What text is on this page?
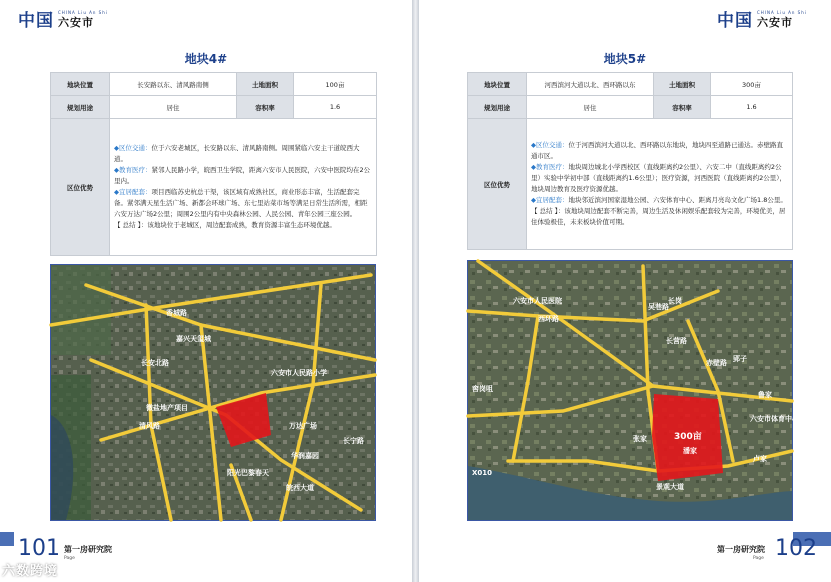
中国 CHINA Liu An Shi
六安市
地块4#
地块位置	长安路以东、清风路南侧	土地面积	100亩
规划用途	居住	容积率	1.6
区位优势	◆区位交通：位于六安老城区，长安路以东、清风路南侧。周围紧临六安主干道皖西大道。

◆教育医疗：紧邻人民路小学，皖西卫生学院，距离六安市人民医院，六安中医院均在2公里内。

◆宜居配套：项目西临苏史杭总干渠，该区域有成熟社区，商业形态丰富，生活配套完备。紧邻满天星生活广场、新都会环球广场、东七里站菜市场等满足日常生活所需，相距六安万达广场2公里；周围2公里内有中央森林公园、人民公园、青年公园三座公园。

【 总结 】：该地块位于老城区，周边配套成熟，教育资源丰富生态环境优越。		

香城路
嘉兴天玺城
长安北路
微盐地产项目
清风路
六安市人民路小学
万达广场
华润嘉园
阳光巴黎春天
皖西大道
长宁路
101 第一房研究院
Page
六数跨境
中国 CHINA Liu An Shi
六安市
地块5#
地块位置	河西滨河大道以北、西环路以东	土地面积	300亩
规划用途	居住	容积率	1.6
区位优势	◆区位交通：位于河西滨河大道以北、西环路以东地块，地块四至道路已通达。赤壁路直通市区。

◆教育医疗：地块周边城北小学西校区（直线距离约2公里）、六安二中（直线距离约2公里）实验中学初中部（直线距离约1.6公里）；医疗资源，河西医院（直线距离约2公里），地块周边教育及医疗资源优越。

◆宜居配套：地块邻近滨河国家湿地公园、六安体育中心、距离月亮岛文化广场1.8公里。

【 总结 】：该地块周边配套不断完善，周边生活及休闲娱乐配套较为完善，环境优美，居住体验极佳，未来板块价值可期。		

300亩
六安市人民医院
西环路
长岗
吴巷路
长营路
赤壁路 郢子
鲁家
张家
潘家
卢家
六安市体育中心
景观大道
窖岗咀
X010
第一房研究院
Page 102
